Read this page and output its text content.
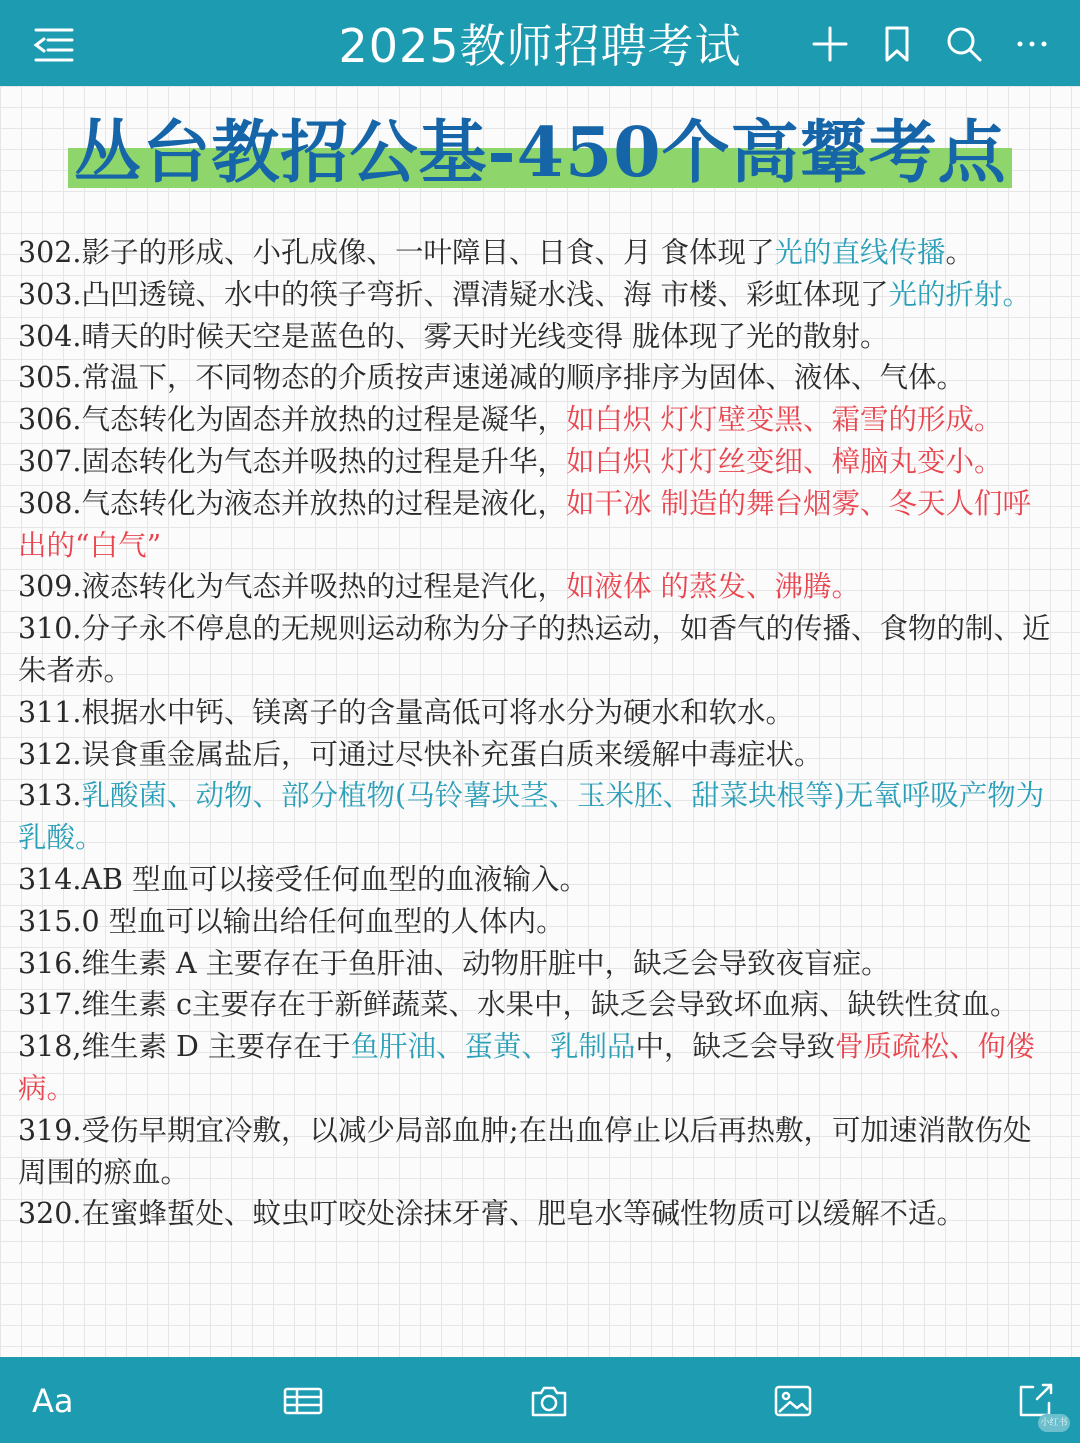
2025教师招聘考试
丛台教招公基-450个高颦考点

302.影子的形成、小孔成像、一叶障目、日食、月 食体现了光的直线传播。

303.凸凹透镜、水中的筷子弯折、潭清疑水浅、海 市楼、彩虹体现了光的折射。

304.晴天的时候天空是蓝色的、雾天时光线变得 胧体现了光的散射。

305.常温下，不同物态的介质按声速递减的顺序排序为固体、液体、气体。

306.气态转化为固态并放热的过程是凝华，如白炽 灯灯壁变黑、霜雪的形成。

307.固态转化为气态并吸热的过程是升华，如白炽 灯灯丝变细、樟脑丸变小。

308.气态转化为液态并放热的过程是液化，如干冰 制造的舞台烟雾、冬天人们呼出的“白气”

309.液态转化为气态并吸热的过程是汽化，如液体 的蒸发、沸腾。

310.分子永不停息的无规则运动称为分子的热运动，如香气的传播、食物的制、近朱者赤。

311.根据水中钙、镁离子的含量高低可将水分为硬水和软水。

312.误食重金属盐后，可通过尽快补充蛋白质来缓解中毒症状。

313.乳酸菌、动物、部分植物(马铃薯块茎、玉米胚、甜菜块根等)无氧呼吸产物为乳酸。

314.AB 型血可以接受任何血型的血液输入。

315.0 型血可以输出给任何血型的人体内。

316.维生素 A 主要存在于鱼肝油、动物肝脏中，缺乏会导致夜盲症。

317.维生素 c主要存在于新鲜蔬菜、水果中，缺乏会导致坏血病、缺铁性贫血。

318,维生素 D 主要存在于鱼肝油、蛋黄、乳制品中，缺乏会导致骨质疏松、佝偻病。

319.受伤早期宜冷敷，以减少局部血肿;在出血停止以后再热敷，可加速消散伤处周围的瘀血。

320.在蜜蜂蜇处、蚊虫叮咬处涂抹牙膏、肥皂水等碱性物质可以缓解不适。

Aa
小红书
